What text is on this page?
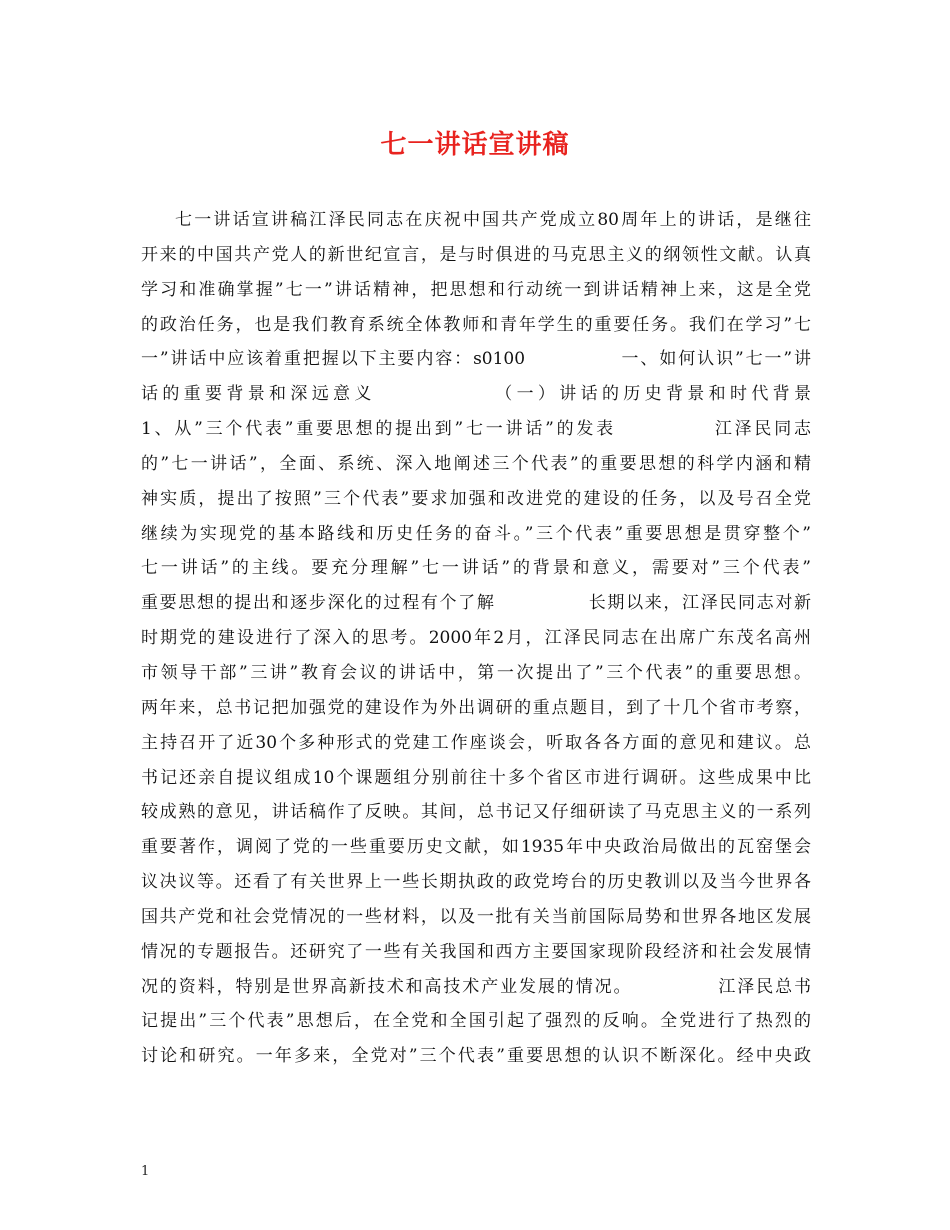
七一讲话宣讲稿
七一讲话宣讲稿江泽民同志在庆祝中国共产党成立80周年上的讲话，是继往
开来的中国共产党人的新世纪宣言，是与时俱进的马克思主义的纲领性文献。认真
学习和准确掌握”七一”讲话精神，把思想和行动统一到讲话精神上来，这是全党
的政治任务，也是我们教育系统全体教师和青年学生的重要任务。我们在学习”七
一”讲话中应该着重把握以下主要内容：s0100　　　　　一、如何认识”七一”讲
话的重要背景和深远意义　　　　　　（一）讲话的历史背景和时代背景
1、从”三个代表”重要思想的提出到”七一讲话”的发表　　　　　江泽民同志
的”七一讲话”，全面、系统、深入地阐述三个代表”的重要思想的科学内涵和精
神实质，提出了按照”三个代表”要求加强和改进党的建设的任务，以及号召全党
继续为实现党的基本路线和历史任务的奋斗。”三个代表”重要思想是贯穿整个”
七一讲话”的主线。要充分理解”七一讲话”的背景和意义，需要对”三个代表”
重要思想的提出和逐步深化的过程有个了解　　　　　长期以来，江泽民同志对新
时期党的建设进行了深入的思考。2000年2月，江泽民同志在出席广东茂名高州
市领导干部”三讲”教育会议的讲话中，第一次提出了”三个代表”的重要思想。
两年来，总书记把加强党的建设作为外出调研的重点题目，到了十几个省市考察，
主持召开了近30个多种形式的党建工作座谈会，听取各各方面的意见和建议。总
书记还亲自提议组成10个课题组分别前往十多个省区市进行调研。这些成果中比
较成熟的意见，讲话稿作了反映。其间，总书记又仔细研读了马克思主义的一系列
重要著作，调阅了党的一些重要历史文献，如1935年中央政治局做出的瓦窑堡会
议决议等。还看了有关世界上一些长期执政的政党垮台的历史教训以及当今世界各
国共产党和社会党情况的一些材料，以及一批有关当前国际局势和世界各地区发展
情况的专题报告。还研究了一些有关我国和西方主要国家现阶段经济和社会发展情
况的资料，特别是世界高新技术和高技术产业发展的情况。　　　　　江泽民总书
记提出”三个代表”思想后，在全党和全国引起了强烈的反响。全党进行了热烈的
讨论和研究。一年多来，全党对”三个代表”重要思想的认识不断深化。经中央政
1
